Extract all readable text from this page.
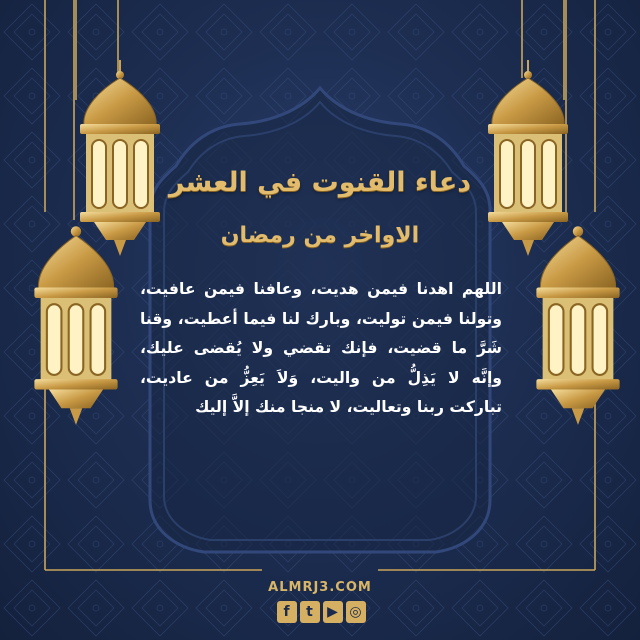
دعاء القنوت في العشر
الاواخر من رمضان
اللهم اهدنا فيمن هديت، وعافنا فيمن عافيت، وتولنا فيمن توليت، وبارك لنا فيما أعطيت، وقنا شَرَّ ما قضيت، فإنك تقضي ولا يُقضى عليك، وإنَّه لا يَذِلُّ من واليت، وَلاَ يَعِزُّ من عاديت، تباركت ربنا وتعاليت، لا منجا منك إلاَّ إليك
ALMRJ3.COM
f	t	▶ ◎
